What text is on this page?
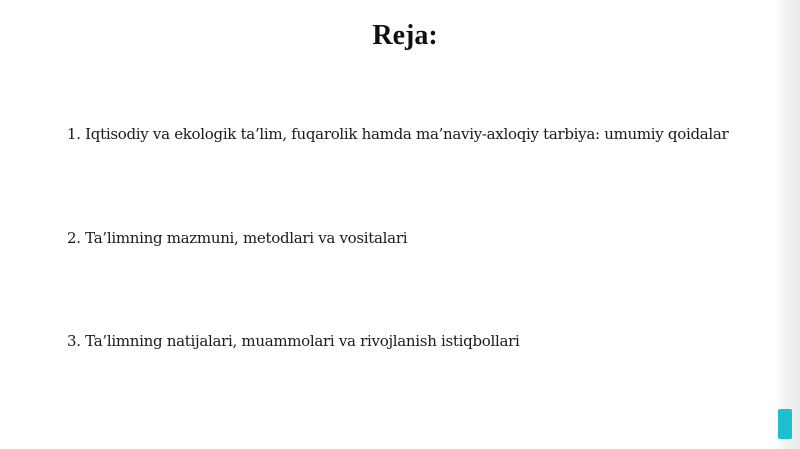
Reja:
1. Iqtisodiy va ekologik ta’lim, fuqarolik hamda ma’naviy-axloqiy tarbiya: umumiy qoidalar
2. Ta’limning mazmuni, metodlari va vositalari
3. Ta’limning natijalari, muammolari va rivojlanish istiqbollari
